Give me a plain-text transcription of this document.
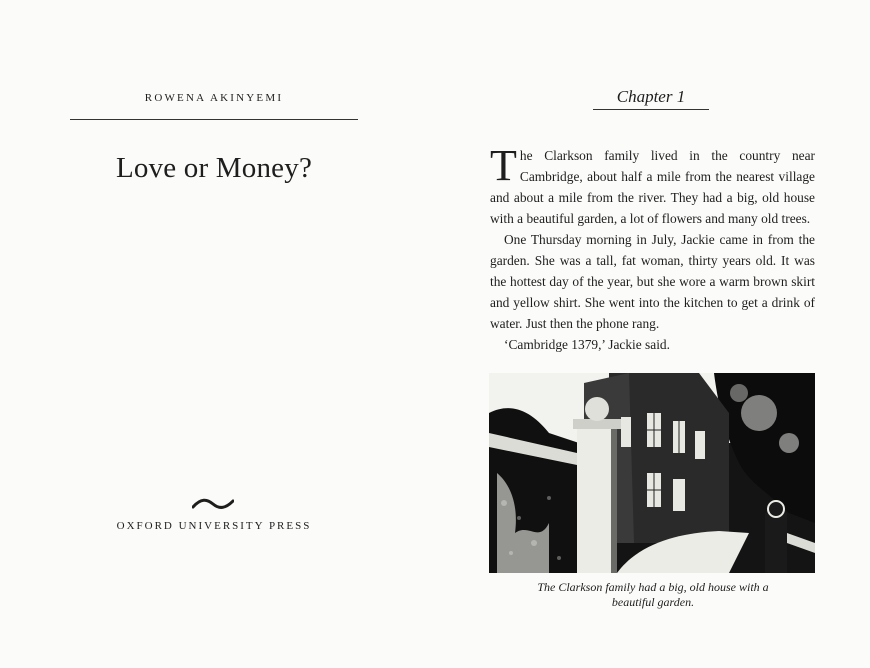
ROWENA AKINYEMI
Love or Money?
OXFORD UNIVERSITY PRESS
Chapter 1

The Clarkson family lived in the country near Cambridge, about half a mile from the nearest village and about a mile from the river. They had a big, old house with a beautiful garden, a lot of flowers and many old trees.

One Thursday morning in July, Jackie came in from the garden. She was a tall, fat woman, thirty years old. It was the hottest day of the year, but she wore a warm brown skirt and yellow shirt. She went into the kitchen to get a drink of water. Just then the phone rang.

‘Cambridge 1379,’ Jackie said.

The Clarkson family had a big, old house with a
beautiful garden.
